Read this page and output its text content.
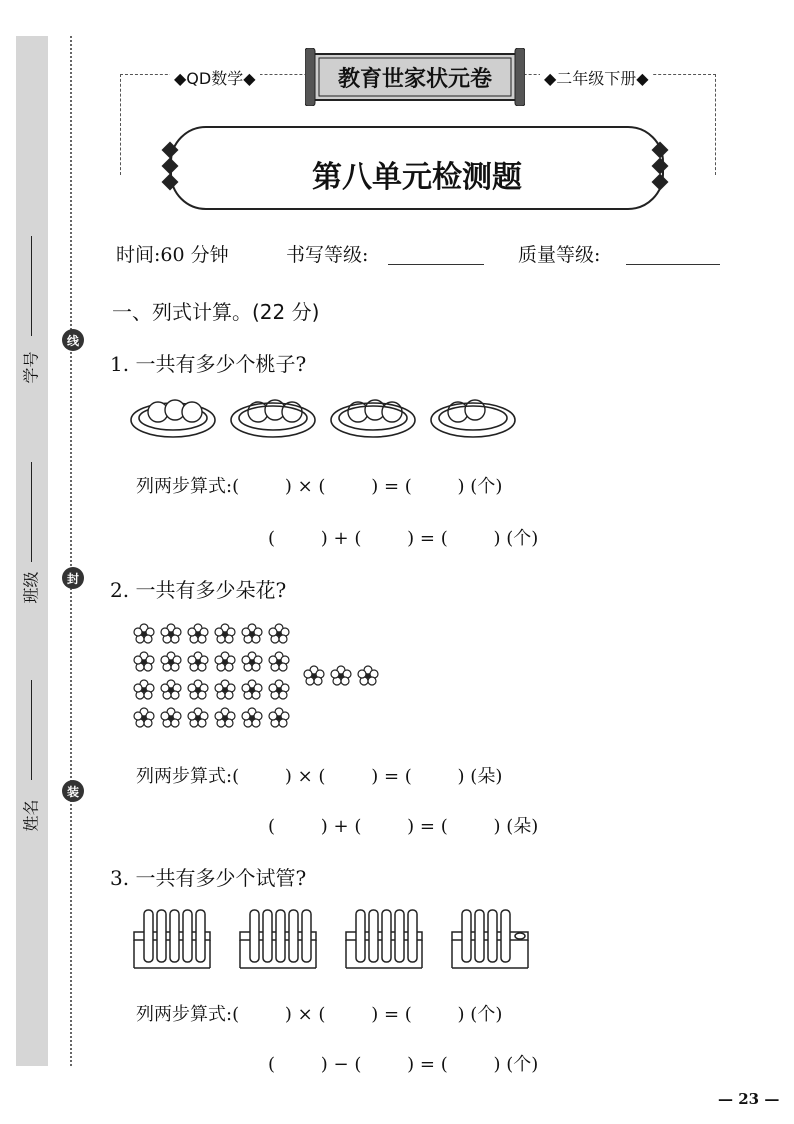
学号
班级
姓名
线
封
装
◆QD数学◆	◆二年级下册◆
教育世家状元卷
第八单元检测题
时间:60 分钟	书写等级:	质量等级:
一、列式计算。(22 分)
1. 一共有多少个桃子?
列两步算式:(        ) × (        ) = (        ) (个)
(        ) + (        ) = (        ) (个)
2. 一共有多少朵花?
列两步算式:(        ) × (        ) = (        ) (朵)
(        ) + (        ) = (        ) (朵)
3. 一共有多少个试管?
列两步算式:(        ) × (        ) = (        ) (个)
(        ) − (        ) = (        ) (个)
— 23 —
